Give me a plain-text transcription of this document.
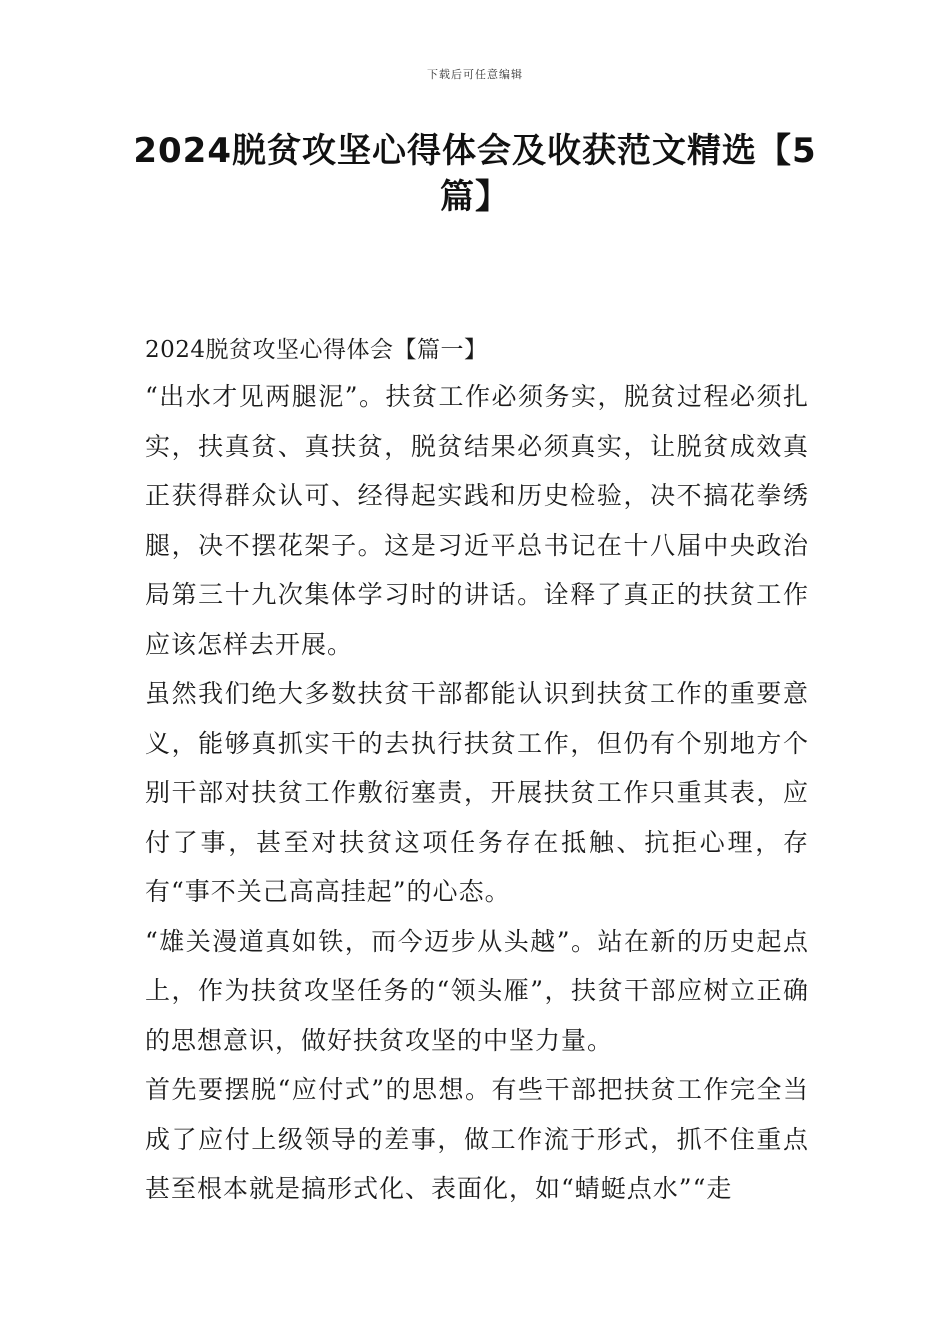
下载后可任意编辑
2024脱贫攻坚心得体会及收获范文精选【5篇】

2024脱贫攻坚心得体会【篇一】

“出水才见两腿泥”。扶贫工作必须务实，脱贫过程必须扎实，扶真贫、真扶贫，脱贫结果必须真实，让脱贫成效真正获得群众认可、经得起实践和历史检验，决不搞花拳绣腿，决不摆花架子。这是习近平总书记在十八届中央政治局第三十九次集体学习时的讲话。诠释了真正的扶贫工作应该怎样去开展。

虽然我们绝大多数扶贫干部都能认识到扶贫工作的重要意义，能够真抓实干的去执行扶贫工作，但仍有个别地方个别干部对扶贫工作敷衍塞责，开展扶贫工作只重其表，应付了事，甚至对扶贫这项任务存在抵触、抗拒心理，存有“事不关己高高挂起”的心态。

“雄关漫道真如铁，而今迈步从头越”。站在新的历史起点上，作为扶贫攻坚任务的“领头雁”，扶贫干部应树立正确的思想意识，做好扶贫攻坚的中坚力量。

首先要摆脱“应付式”的思想。有些干部把扶贫工作完全当成了应付上级领导的差事，做工作流于形式，抓不住重点甚至根本就是搞形式化、表面化，如“蜻蜓点水”“走
